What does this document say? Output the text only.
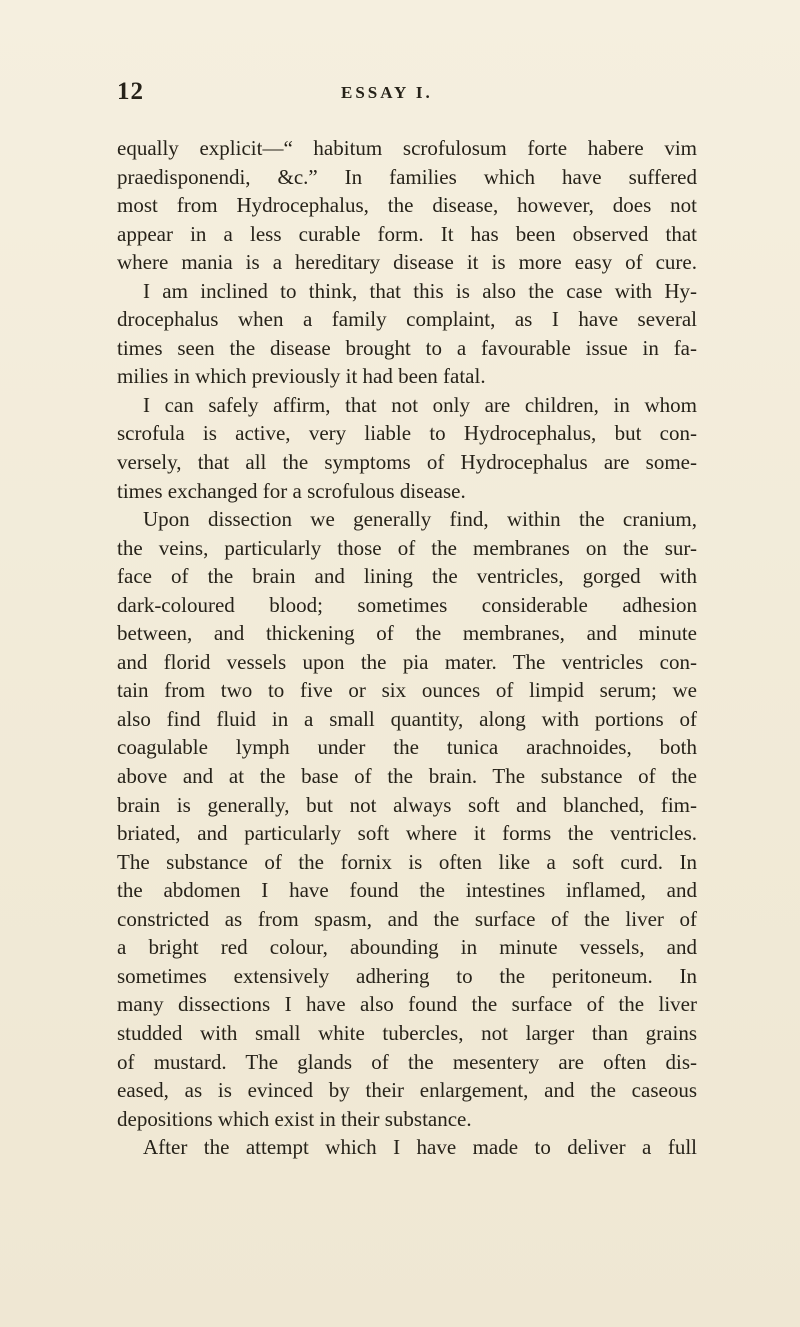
12	ESSAY I.
equally explicit—“ habitum scrofulosum forte habere vim
praedisponendi, &c.” In families which have suffered
most from Hydrocephalus, the disease, however, does not
appear in a less curable form. It has been observed that
where mania is a hereditary disease it is more easy of cure.
I am inclined to think, that this is also the case with Hy-
drocephalus when a family complaint, as I have several
times seen the disease brought to a favourable issue in fa-
milies in which previously it had been fatal.
I can safely affirm, that not only are children, in whom
scrofula is active, very liable to Hydrocephalus, but con-
versely, that all the symptoms of Hydrocephalus are some-
times exchanged for a scrofulous disease.
Upon dissection we generally find, within the cranium,
the veins, particularly those of the membranes on the sur-
face of the brain and lining the ventricles, gorged with
dark-coloured blood; sometimes considerable adhesion
between, and thickening of the membranes, and minute
and florid vessels upon the pia mater. The ventricles con-
tain from two to five or six ounces of limpid serum; we
also find fluid in a small quantity, along with portions of
coagulable lymph under the tunica arachnoides, both
above and at the base of the brain. The substance of the
brain is generally, but not always soft and blanched, fim-
briated, and particularly soft where it forms the ventricles.
The substance of the fornix is often like a soft curd. In
the abdomen I have found the intestines inflamed, and
constricted as from spasm, and the surface of the liver of
a bright red colour, abounding in minute vessels, and
sometimes extensively adhering to the peritoneum. In
many dissections I have also found the surface of the liver
studded with small white tubercles, not larger than grains
of mustard. The glands of the mesentery are often dis-
eased, as is evinced by their enlargement, and the caseous
depositions which exist in their substance.
After the attempt which I have made to deliver a full
